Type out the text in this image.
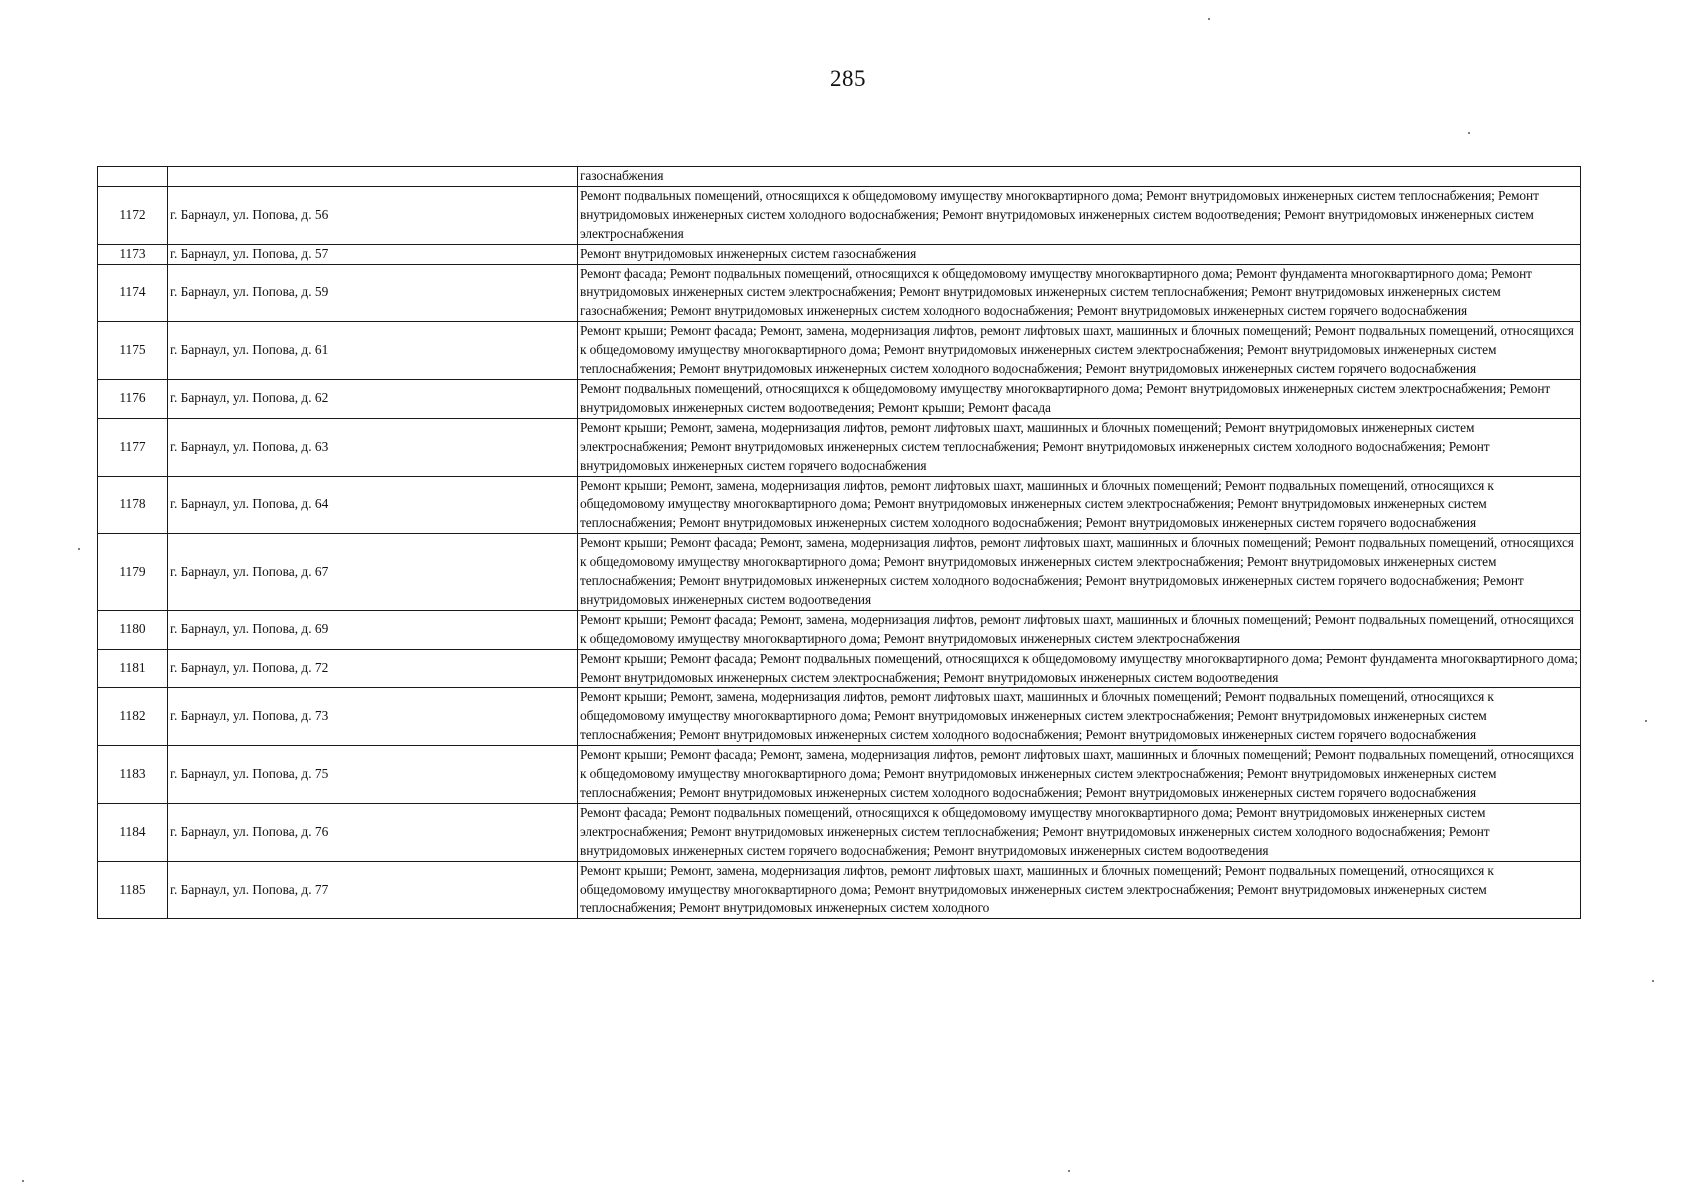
285
		газоснабжения
1172	г. Барнаул, ул. Попова, д. 56	Ремонт подвальных помещений, относящихся к общедомовому имуществу многоквартирного дома; Ремонт внутридомовых инженерных систем теплоснабжения; Ремонт внутридомовых инженерных систем холодного водоснабжения; Ремонт внутридомовых инженерных систем водоотведения; Ремонт внутридомовых инженерных систем электроснабжения
1173	г. Барнаул, ул. Попова, д. 57	Ремонт внутридомовых инженерных систем газоснабжения
1174	г. Барнаул, ул. Попова, д. 59	Ремонт фасада; Ремонт подвальных помещений, относящихся к общедомовому имуществу многоквартирного дома; Ремонт фундамента многоквартирного дома; Ремонт внутридомовых инженерных систем электроснабжения; Ремонт внутридомовых инженерных систем теплоснабжения; Ремонт внутридомовых инженерных систем газоснабжения; Ремонт внутридомовых инженерных систем холодного водоснабжения; Ремонт внутридомовых инженерных систем горячего водоснабжения
1175	г. Барнаул, ул. Попова, д. 61	Ремонт крыши; Ремонт фасада; Ремонт, замена, модернизация лифтов, ремонт лифтовых шахт, машинных и блочных помещений; Ремонт подвальных помещений, относящихся к общедомовому имуществу многоквартирного дома; Ремонт внутридомовых инженерных систем электроснабжения; Ремонт внутридомовых инженерных систем теплоснабжения; Ремонт внутридомовых инженерных систем холодного водоснабжения; Ремонт внутридомовых инженерных систем горячего водоснабжения
1176	г. Барнаул, ул. Попова, д. 62	Ремонт подвальных помещений, относящихся к общедомовому имуществу многоквартирного дома; Ремонт внутридомовых инженерных систем электроснабжения; Ремонт внутридомовых инженерных систем водоотведения; Ремонт крыши; Ремонт фасада
1177	г. Барнаул, ул. Попова, д. 63	Ремонт крыши; Ремонт, замена, модернизация лифтов, ремонт лифтовых шахт, машинных и блочных помещений; Ремонт внутридомовых инженерных систем электроснабжения; Ремонт внутридомовых инженерных систем теплоснабжения; Ремонт внутридомовых инженерных систем холодного водоснабжения; Ремонт внутридомовых инженерных систем горячего водоснабжения
1178	г. Барнаул, ул. Попова, д. 64	Ремонт крыши; Ремонт, замена, модернизация лифтов, ремонт лифтовых шахт, машинных и блочных помещений; Ремонт подвальных помещений, относящихся к общедомовому имуществу многоквартирного дома; Ремонт внутридомовых инженерных систем электроснабжения; Ремонт внутридомовых инженерных систем теплоснабжения; Ремонт внутридомовых инженерных систем холодного водоснабжения; Ремонт внутридомовых инженерных систем горячего водоснабжения
1179	г. Барнаул, ул. Попова, д. 67	Ремонт крыши; Ремонт фасада; Ремонт, замена, модернизация лифтов, ремонт лифтовых шахт, машинных и блочных помещений; Ремонт подвальных помещений, относящихся к общедомовому имуществу многоквартирного дома; Ремонт внутридомовых инженерных систем электроснабжения; Ремонт внутридомовых инженерных систем теплоснабжения; Ремонт внутридомовых инженерных систем холодного водоснабжения; Ремонт внутридомовых инженерных систем горячего водоснабжения; Ремонт внутридомовых инженерных систем водоотведения
1180	г. Барнаул, ул. Попова, д. 69	Ремонт крыши; Ремонт фасада; Ремонт, замена, модернизация лифтов, ремонт лифтовых шахт, машинных и блочных помещений; Ремонт подвальных помещений, относящихся к общедомовому имуществу многоквартирного дома; Ремонт внутридомовых инженерных систем электроснабжения
1181	г. Барнаул, ул. Попова, д. 72	Ремонт крыши; Ремонт фасада; Ремонт подвальных помещений, относящихся к общедомовому имуществу многоквартирного дома; Ремонт фундамента многоквартирного дома; Ремонт внутридомовых инженерных систем электроснабжения; Ремонт внутридомовых инженерных систем водоотведения
1182	г. Барнаул, ул. Попова, д. 73	Ремонт крыши; Ремонт, замена, модернизация лифтов, ремонт лифтовых шахт, машинных и блочных помещений; Ремонт подвальных помещений, относящихся к общедомовому имуществу многоквартирного дома; Ремонт внутридомовых инженерных систем электроснабжения; Ремонт внутридомовых инженерных систем теплоснабжения; Ремонт внутридомовых инженерных систем холодного водоснабжения; Ремонт внутридомовых инженерных систем горячего водоснабжения
1183	г. Барнаул, ул. Попова, д. 75	Ремонт крыши; Ремонт фасада; Ремонт, замена, модернизация лифтов, ремонт лифтовых шахт, машинных и блочных помещений; Ремонт подвальных помещений, относящихся к общедомовому имуществу многоквартирного дома; Ремонт внутридомовых инженерных систем электроснабжения; Ремонт внутридомовых инженерных систем теплоснабжения; Ремонт внутридомовых инженерных систем холодного водоснабжения; Ремонт внутридомовых инженерных систем горячего водоснабжения
1184	г. Барнаул, ул. Попова, д. 76	Ремонт фасада; Ремонт подвальных помещений, относящихся к общедомовому имуществу многоквартирного дома; Ремонт внутридомовых инженерных систем электроснабжения; Ремонт внутридомовых инженерных систем теплоснабжения; Ремонт внутридомовых инженерных систем холодного водоснабжения; Ремонт внутридомовых инженерных систем горячего водоснабжения; Ремонт внутридомовых инженерных систем водоотведения
1185	г. Барнаул, ул. Попова, д. 77	Ремонт крыши; Ремонт, замена, модернизация лифтов, ремонт лифтовых шахт, машинных и блочных помещений; Ремонт подвальных помещений, относящихся к общедомовому имуществу многоквартирного дома; Ремонт внутридомовых инженерных систем электроснабжения; Ремонт внутридомовых инженерных систем теплоснабжения; Ремонт внутридомовых инженерных систем холодного
